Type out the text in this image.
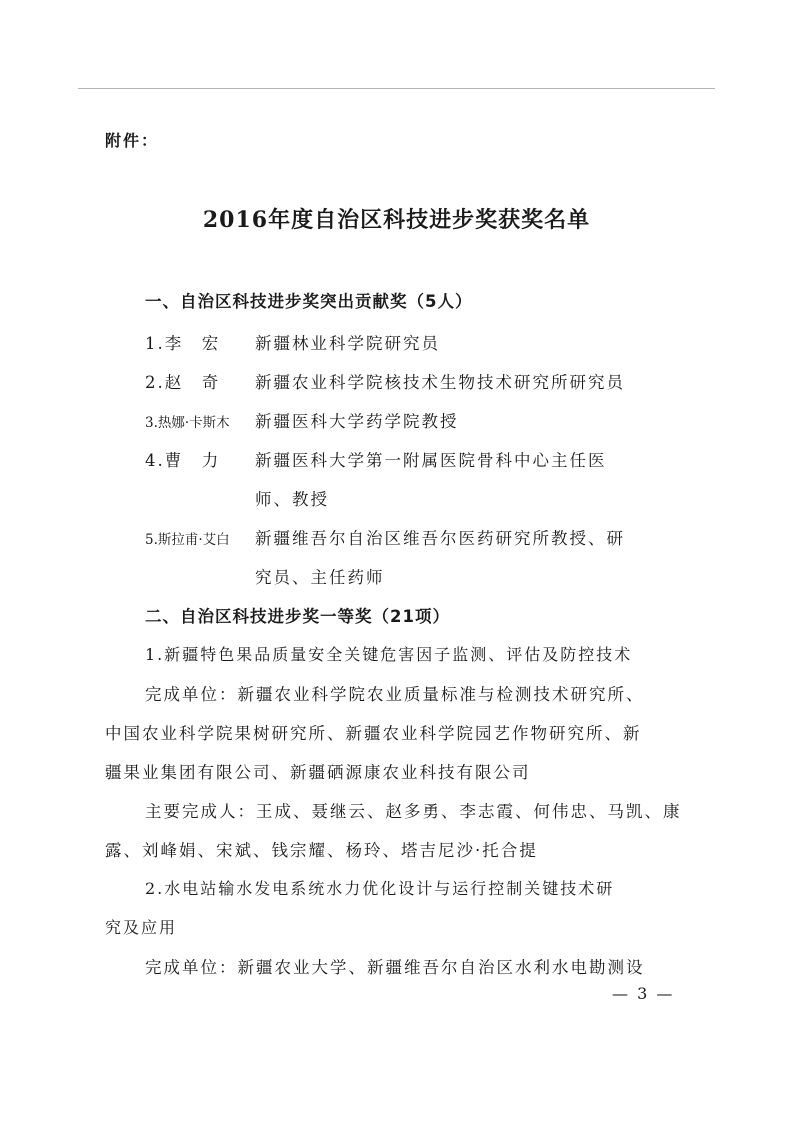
附件：
2016年度自治区科技进步奖获奖名单
一、自治区科技进步奖突出贡献奖（5人）
1.李　宏 新疆林业科学院研究员
2.赵　奇 新疆农业科学院核技术生物技术研究所研究员
3.热娜·卡斯木 新疆医科大学药学院教授
4.曹　力 新疆医科大学第一附属医院骨科中心主任医
师、教授
5.斯拉甫·艾白 新疆维吾尔自治区维吾尔医药研究所教授、研
究员、主任药师
二、自治区科技进步奖一等奖（21项）
1.新疆特色果品质量安全关键危害因子监测、评估及防控技术
完成单位：新疆农业科学院农业质量标准与检测技术研究所、
中国农业科学院果树研究所、新疆农业科学院园艺作物研究所、新
疆果业集团有限公司、新疆硒源康农业科技有限公司
主要完成人：王成、聂继云、赵多勇、李志霞、何伟忠、马凯、康
露、刘峰娟、宋斌、钱宗耀、杨玲、塔吉尼沙·托合提
2.水电站输水发电系统水力优化设计与运行控制关键技术研
究及应用
完成单位：新疆农业大学、新疆维吾尔自治区水利水电勘测设
— 3 —
